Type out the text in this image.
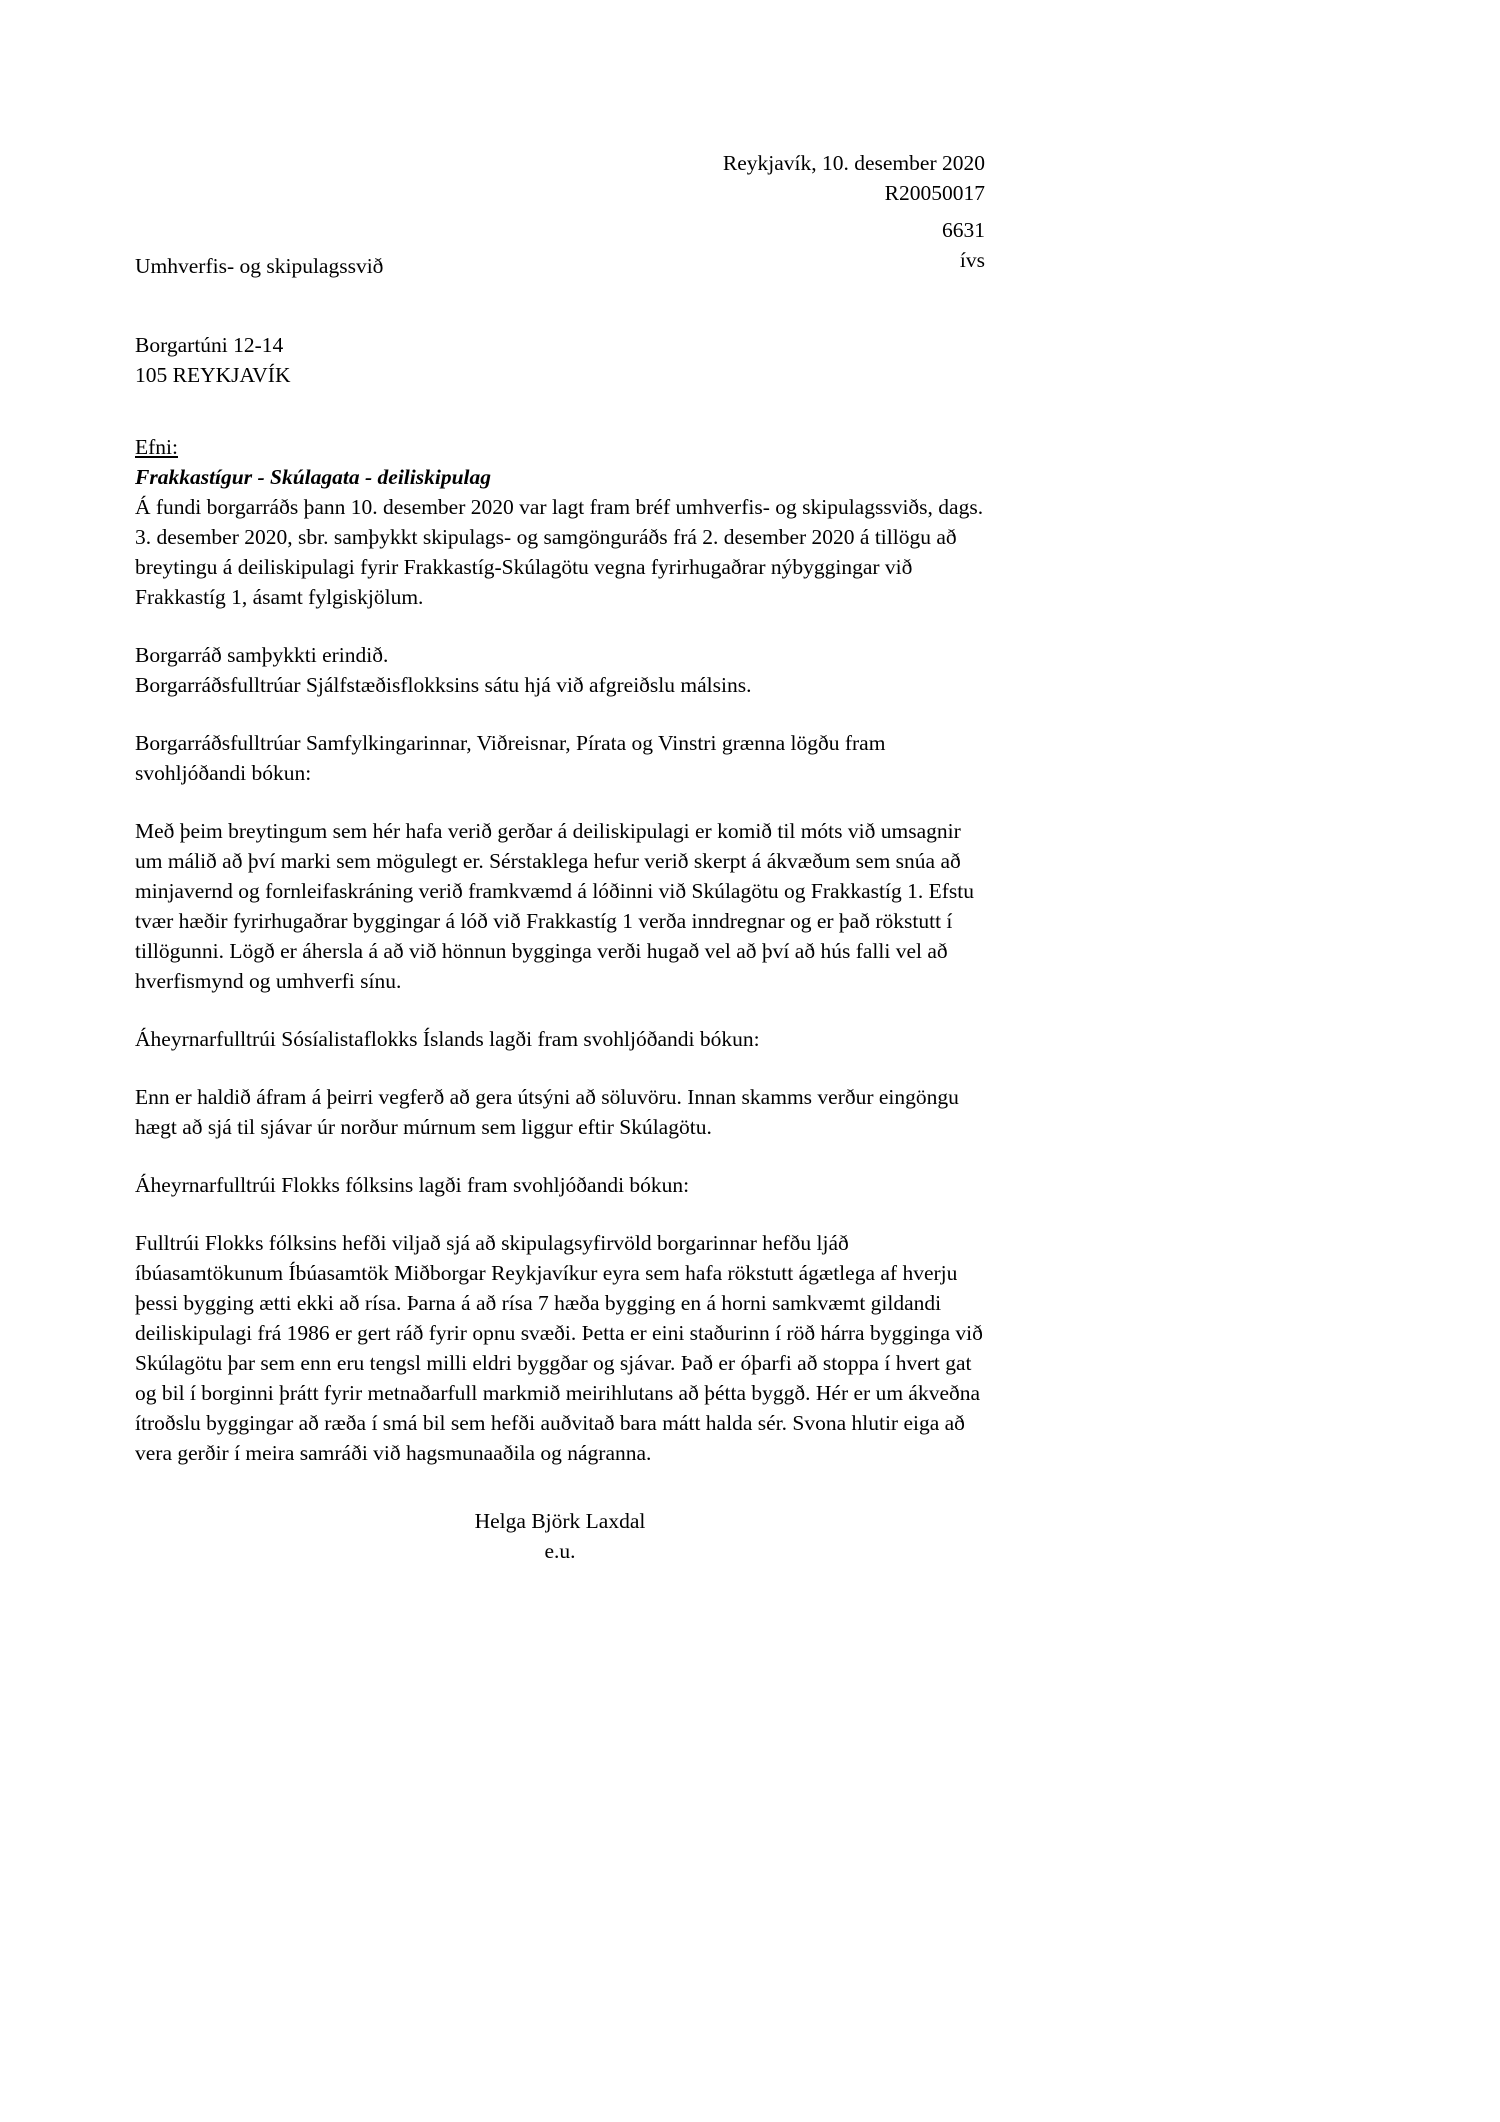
Reykjavík, 10. desember 2020
R20050017
6631
ívs
Umhverfis- og skipulagssvið
Borgartúni 12-14
105 REYKJAVÍK
Efni:
Frakkastígur - Skúlagata - deiliskipulag

Á fundi borgarráðs þann 10. desember 2020 var lagt fram bréf umhverfis- og skipulagssviðs, dags. 3. desember 2020, sbr. samþykkt skipulags- og samgönguráðs frá 2. desember 2020 á tillögu að breytingu á deiliskipulagi fyrir Frakkastíg-Skúlagötu vegna fyrirhugaðrar nýbyggingar við Frakkastíg 1, ásamt fylgiskjölum.

Borgarráð samþykkti erindið.

Borgarráðsfulltrúar Sjálfstæðisflokksins sátu hjá við afgreiðslu málsins.

Borgarráðsfulltrúar Samfylkingarinnar, Viðreisnar, Pírata og Vinstri grænna lögðu fram svohljóðandi bókun:

Með þeim breytingum sem hér hafa verið gerðar á deiliskipulagi er komið til móts við umsagnir um málið að því marki sem mögulegt er. Sérstaklega hefur verið skerpt á ákvæðum sem snúa að minjavernd og fornleifaskráning verið framkvæmd á lóðinni við Skúlagötu og Frakkastíg 1. Efstu tvær hæðir fyrirhugaðrar byggingar á lóð við Frakkastíg 1 verða inndregnar og er það rökstutt í tillögunni. Lögð er áhersla á að við hönnun bygginga verði hugað vel að því að hús falli vel að hverfismynd og umhverfi sínu.

Áheyrnarfulltrúi Sósíalistaflokks Íslands lagði fram svohljóðandi bókun:

Enn er haldið áfram á þeirri vegferð að gera útsýni að söluvöru. Innan skamms verður eingöngu hægt að sjá til sjávar úr norður múrnum sem liggur eftir Skúlagötu.

Áheyrnarfulltrúi Flokks fólksins lagði fram svohljóðandi bókun:

Fulltrúi Flokks fólksins hefði viljað sjá að skipulagsyfirvöld borgarinnar hefðu ljáð íbúasamtökunum Íbúasamtök Miðborgar Reykjavíkur eyra sem hafa rökstutt ágætlega af hverju þessi bygging ætti ekki að rísa. Þarna á að rísa 7 hæða bygging en á horni samkvæmt gildandi deiliskipulagi frá 1986 er gert ráð fyrir opnu svæði. Þetta er eini staðurinn í röð hárra bygginga við Skúlagötu þar sem enn eru tengsl milli eldri byggðar og sjávar. Það er óþarfi að stoppa í hvert gat og bil í borginni þrátt fyrir metnaðarfull markmið meirihlutans að þétta byggð. Hér er um ákveðna ítroðslu byggingar að ræða í smá bil sem hefði auðvitað bara mátt halda sér. Svona hlutir eiga að vera gerðir í meira samráði við hagsmunaaðila og nágranna.

Helga Björk Laxdal
e.u.
